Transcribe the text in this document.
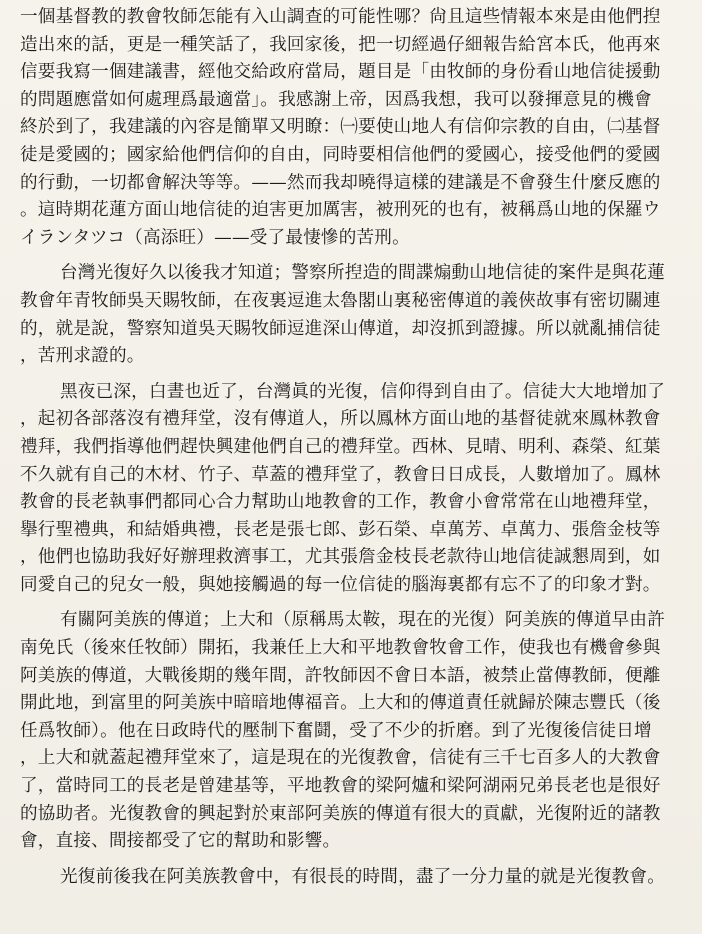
一個基督教的教會牧師怎能有入山調查的可能性哪？尙且這些情報本來是由他們揑
造出來的話，更是一種笑話了，我回家後，把一切經過仔細報告給宮本氏，他再來
信要我寫一個建議書，經他交給政府當局，題目是「由牧師的身份看山地信徒援動
的問題應當如何處理爲最適當」。我感謝上帝，因爲我想，我可以發揮意見的機會
終於到了，我建議的內容是簡單又明瞭：㈠要使山地人有信仰宗教的自由，㈡基督
徒是愛國的；國家給他們信仰的自由，同時要相信他們的愛國心，接受他們的愛國
的行動，一切都會解決等等。——然而我却曉得這樣的建議是不會發生什麼反應的
。這時期花蓮方面山地信徒的迫害更加厲害，被刑死的也有，被稱爲山地的保羅ウ
イランタツコ（高添旺）——受了最悽慘的苦刑。
台灣光復好久以後我才知道；警察所揑造的間諜煽動山地信徒的案件是與花蓮
教會年青牧師吳天賜牧師，在夜裏逗進太魯閣山裏秘密傳道的義俠故事有密切關連
的，就是說，警察知道吳天賜牧師逗進深山傳道，却沒抓到證據。所以就亂捕信徒
，苦刑求證的。
黑夜已深，白晝也近了，台灣眞的光復，信仰得到自由了。信徒大大地增加了
，起初各部落沒有禮拜堂，沒有傳道人，所以鳳林方面山地的基督徒就來鳳林教會
禮拜，我們指導他們趕快興建他們自己的禮拜堂。西林、見晴、明利、森榮、紅葉
不久就有自己的木材、竹子、草蓋的禮拜堂了，教會日日成長，人數增加了。鳳林
教會的長老執事們都同心合力幫助山地教會的工作，教會小會常常在山地禮拜堂，
擧行聖禮典，和結婚典禮，長老是張七郎、彭石榮、卓萬芳、卓萬力、張詹金枝等
，他們也協助我好好辦理救濟事工，尤其張詹金枝長老款待山地信徒誠懇周到，如
同愛自己的兒女一般，與她接觸過的每一位信徒的腦海裏都有忘不了的印象才對。
有關阿美族的傳道；上大和（原稱馬太鞍，現在的光復）阿美族的傳道早由許
南免氏（後來任牧師）開拓，我兼任上大和平地教會牧會工作，使我也有機會參與
阿美族的傳道，大戰後期的幾年間，許牧師因不會日本語，被禁止當傳教師，便離
開此地，到富里的阿美族中暗暗地傳福音。上大和的傳道責任就歸於陳志豐氏（後
任爲牧師）。他在日政時代的壓制下奮鬪，受了不少的折磨。到了光復後信徒日增
，上大和就蓋起禮拜堂來了，這是現在的光復教會，信徒有三千七百多人的大教會
了，當時同工的長老是曾建基等，平地教會的梁阿爐和梁阿湖兩兄弟長老也是很好
的協助者。光復教會的興起對於東部阿美族的傳道有很大的貢獻，光復附近的諸教
會，直接、間接都受了它的幫助和影響。
光復前後我在阿美族教會中，有很長的時間，盡了一分力量的就是光復教會。
